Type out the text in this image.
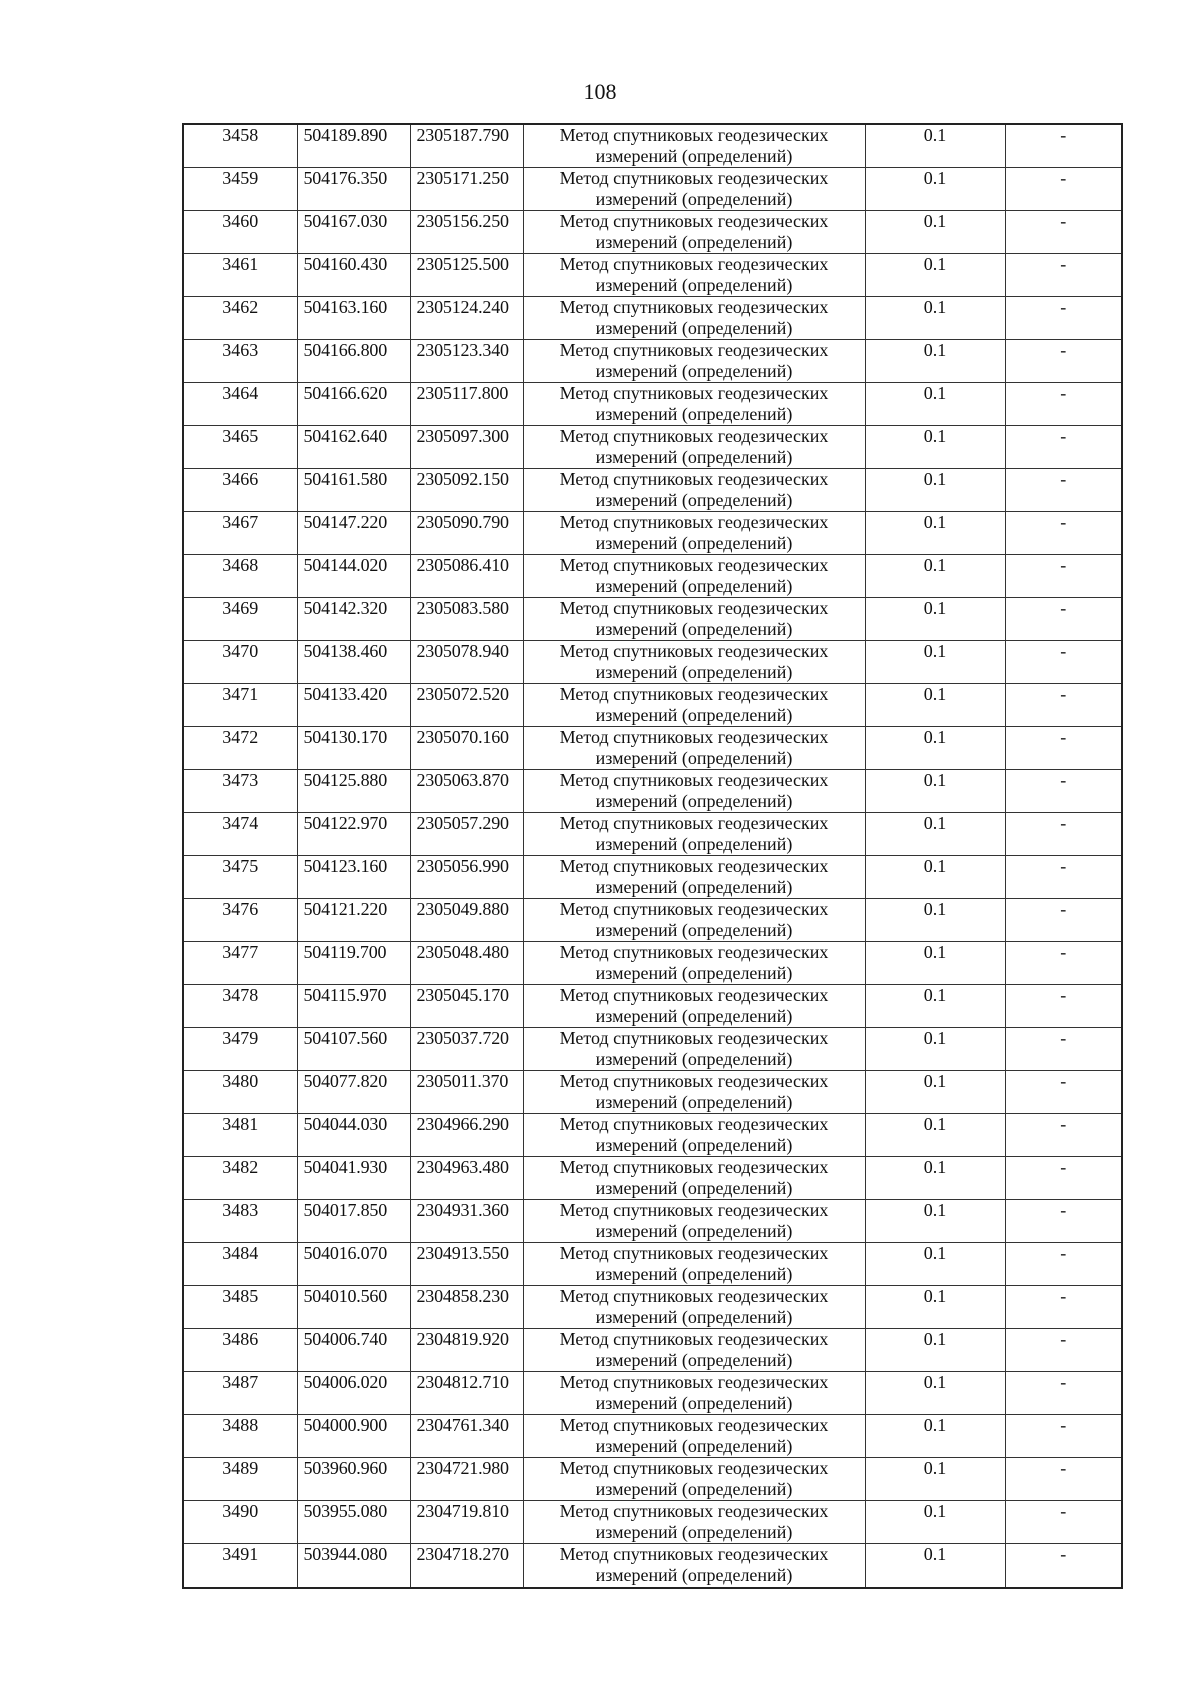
108
3458	504189.890	2305187.790	Метод спутниковых геодезических
измерений (определений)	0.1	-
3459	504176.350	2305171.250	Метод спутниковых геодезических
измерений (определений)	0.1	-
3460	504167.030	2305156.250	Метод спутниковых геодезических
измерений (определений)	0.1	-
3461	504160.430	2305125.500	Метод спутниковых геодезических
измерений (определений)	0.1	-
3462	504163.160	2305124.240	Метод спутниковых геодезических
измерений (определений)	0.1	-
3463	504166.800	2305123.340	Метод спутниковых геодезических
измерений (определений)	0.1	-
3464	504166.620	2305117.800	Метод спутниковых геодезических
измерений (определений)	0.1	-
3465	504162.640	2305097.300	Метод спутниковых геодезических
измерений (определений)	0.1	-
3466	504161.580	2305092.150	Метод спутниковых геодезических
измерений (определений)	0.1	-
3467	504147.220	2305090.790	Метод спутниковых геодезических
измерений (определений)	0.1	-
3468	504144.020	2305086.410	Метод спутниковых геодезических
измерений (определений)	0.1	-
3469	504142.320	2305083.580	Метод спутниковых геодезических
измерений (определений)	0.1	-
3470	504138.460	2305078.940	Метод спутниковых геодезических
измерений (определений)	0.1	-
3471	504133.420	2305072.520	Метод спутниковых геодезических
измерений (определений)	0.1	-
3472	504130.170	2305070.160	Метод спутниковых геодезических
измерений (определений)	0.1	-
3473	504125.880	2305063.870	Метод спутниковых геодезических
измерений (определений)	0.1	-
3474	504122.970	2305057.290	Метод спутниковых геодезических
измерений (определений)	0.1	-
3475	504123.160	2305056.990	Метод спутниковых геодезических
измерений (определений)	0.1	-
3476	504121.220	2305049.880	Метод спутниковых геодезических
измерений (определений)	0.1	-
3477	504119.700	2305048.480	Метод спутниковых геодезических
измерений (определений)	0.1	-
3478	504115.970	2305045.170	Метод спутниковых геодезических
измерений (определений)	0.1	-
3479	504107.560	2305037.720	Метод спутниковых геодезических
измерений (определений)	0.1	-
3480	504077.820	2305011.370	Метод спутниковых геодезических
измерений (определений)	0.1	-
3481	504044.030	2304966.290	Метод спутниковых геодезических
измерений (определений)	0.1	-
3482	504041.930	2304963.480	Метод спутниковых геодезических
измерений (определений)	0.1	-
3483	504017.850	2304931.360	Метод спутниковых геодезических
измерений (определений)	0.1	-
3484	504016.070	2304913.550	Метод спутниковых геодезических
измерений (определений)	0.1	-
3485	504010.560	2304858.230	Метод спутниковых геодезических
измерений (определений)	0.1	-
3486	504006.740	2304819.920	Метод спутниковых геодезических
измерений (определений)	0.1	-
3487	504006.020	2304812.710	Метод спутниковых геодезических
измерений (определений)	0.1	-
3488	504000.900	2304761.340	Метод спутниковых геодезических
измерений (определений)	0.1	-
3489	503960.960	2304721.980	Метод спутниковых геодезических
измерений (определений)	0.1	-
3490	503955.080	2304719.810	Метод спутниковых геодезических
измерений (определений)	0.1	-
3491	503944.080	2304718.270	Метод спутниковых геодезических
измерений (определений)	0.1	-
